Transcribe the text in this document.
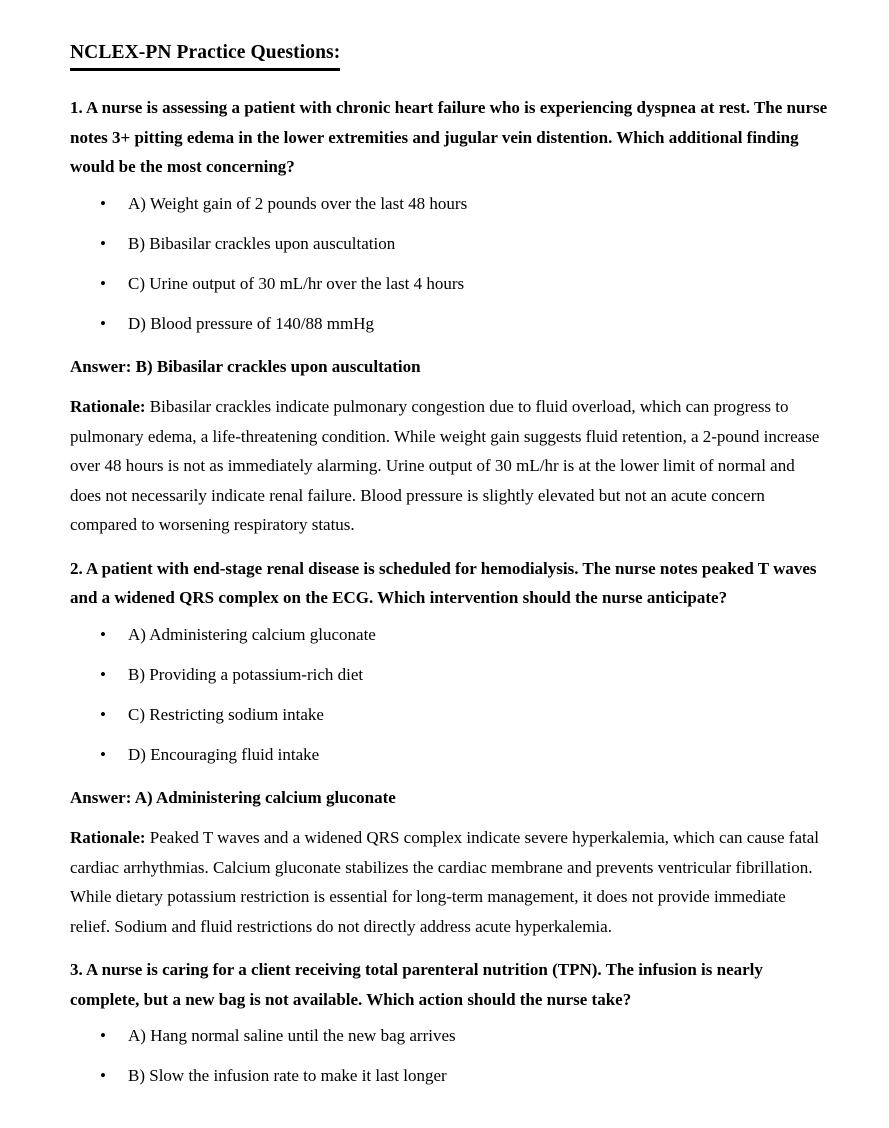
NCLEX-PN Practice Questions:

1. A nurse is assessing a patient with chronic heart failure who is experiencing dyspnea at rest. The nurse notes 3+ pitting edema in the lower extremities and jugular vein distention. Which additional finding would be the most concerning?

• A) Weight gain of 2 pounds over the last 48 hours
• B) Bibasilar crackles upon auscultation
• C) Urine output of 30 mL/hr over the last 4 hours
• D) Blood pressure of 140/88 mmHg

Answer: B) Bibasilar crackles upon auscultation

Rationale: Bibasilar crackles indicate pulmonary congestion due to fluid overload, which can progress to pulmonary edema, a life-threatening condition. While weight gain suggests fluid retention, a 2-pound increase over 48 hours is not as immediately alarming. Urine output of 30 mL/hr is at the lower limit of normal and does not necessarily indicate renal failure. Blood pressure is slightly elevated but not an acute concern compared to worsening respiratory status.

2. A patient with end-stage renal disease is scheduled for hemodialysis. The nurse notes peaked T waves and a widened QRS complex on the ECG. Which intervention should the nurse anticipate?

• A) Administering calcium gluconate
• B) Providing a potassium-rich diet
• C) Restricting sodium intake
• D) Encouraging fluid intake

Answer: A) Administering calcium gluconate

Rationale: Peaked T waves and a widened QRS complex indicate severe hyperkalemia, which can cause fatal cardiac arrhythmias. Calcium gluconate stabilizes the cardiac membrane and prevents ventricular fibrillation. While dietary potassium restriction is essential for long-term management, it does not provide immediate relief. Sodium and fluid restrictions do not directly address acute hyperkalemia.

3. A nurse is caring for a client receiving total parenteral nutrition (TPN). The infusion is nearly complete, but a new bag is not available. Which action should the nurse take?

• A) Hang normal saline until the new bag arrives
• B) Slow the infusion rate to make it last longer
